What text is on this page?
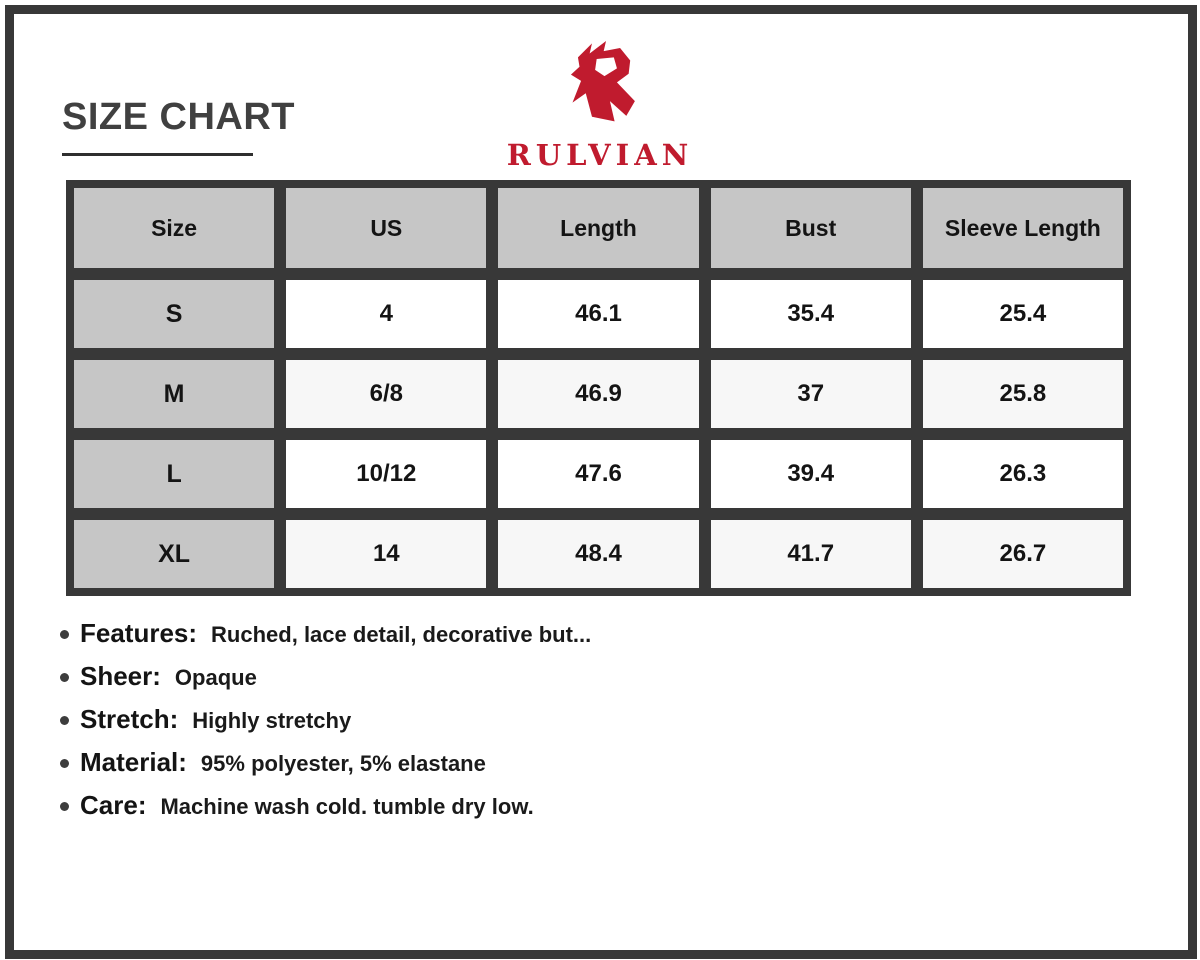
SIZE CHART
RULVIAN
Size	US	Length	Bust	Sleeve Length
S	4	46.1	35.4	25.4
M	6/8	46.9	37	25.8
L	10/12	47.6	39.4	26.3
XL	14	48.4	41.7	26.7
Features: Ruched, lace detail, decorative but...
Sheer: Opaque
Stretch: Highly stretchy
Material: 95% polyester, 5% elastane
Care: Machine wash cold. tumble dry low.
